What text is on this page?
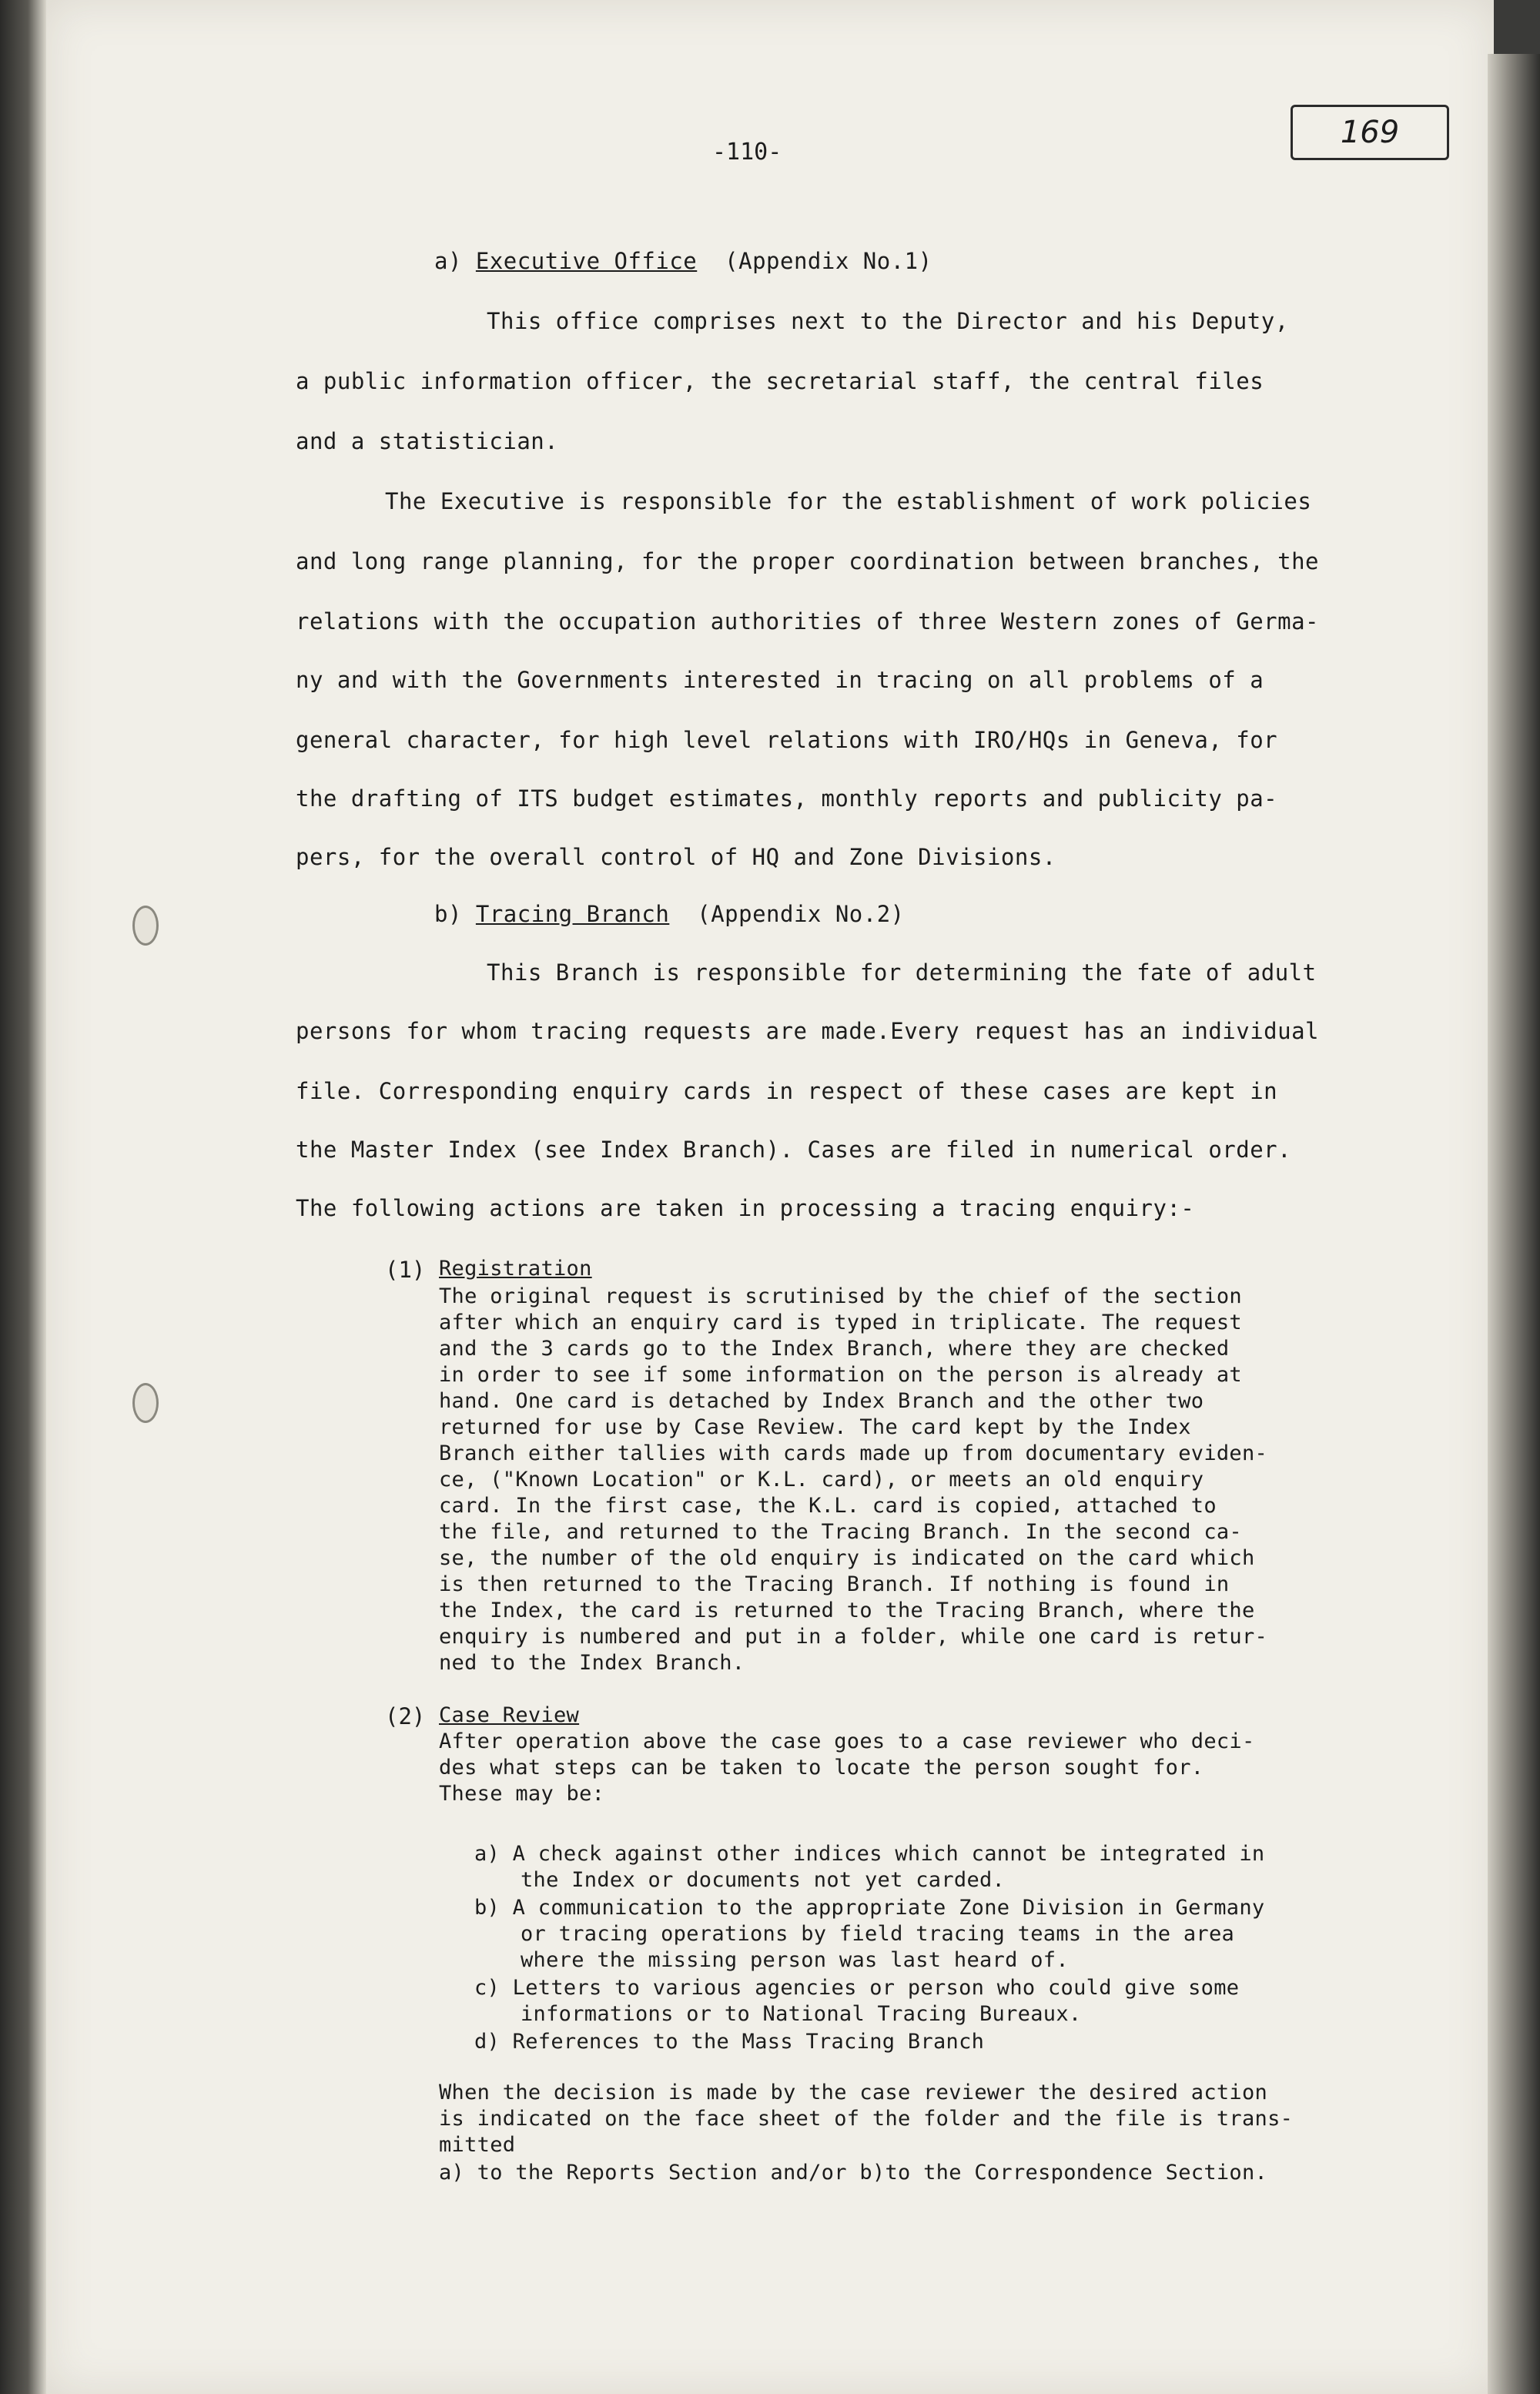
169
-110-
a) Executive Office (Appendix No.1)
This office comprises next to the Director and his Deputy,
a public information officer, the secretarial staff, the central files
and a statistician.
The Executive is responsible for the establishment of work policies
and long range planning, for the proper coordination between branches, the
relations with the occupation authorities of three Western zones of Germa-
ny and with the Governments interested in tracing on all problems of a
general character, for high level relations with IRO/HQs in Geneva, for
the drafting of ITS budget estimates, monthly reports and publicity pa-
pers, for the overall control of HQ and Zone Divisions.
b) Tracing Branch (Appendix No.2)
This Branch is responsible for determining the fate of adult
persons for whom tracing requests are made.Every request has an individual
file. Corresponding enquiry cards in respect of these cases are kept in
the Master Index (see Index Branch). Cases are filed in numerical order.
The following actions are taken in processing a tracing enquiry:-
(1) Registration
The original request is scrutinised by the chief of the section
after which an enquiry card is typed in triplicate. The request
and the 3 cards go to the Index Branch, where they are checked
in order to see if some information on the person is already at
hand. One card is detached by Index Branch and the other two
returned for use by Case Review. The card kept by the Index
Branch either tallies with cards made up from documentary eviden-
ce, ("Known Location" or K.L. card), or meets an old enquiry
card. In the first case, the K.L. card is copied, attached to
the file, and returned to the Tracing Branch. In the second ca-
se, the number of the old enquiry is indicated on the card which
is then returned to the Tracing Branch. If nothing is found in
the Index, the card is returned to the Tracing Branch, where the
enquiry is numbered and put in a folder, while one card is retur-
ned to the Index Branch.
(2) Case Review
After operation above the case goes to a case reviewer who deci-
des what steps can be taken to locate the person sought for.
These may be:
a) A check against other indices which cannot be integrated in
the Index or documents not yet carded.
b) A communication to the appropriate Zone Division in Germany
or tracing operations by field tracing teams in the area
where the missing person was last heard of.
c) Letters to various agencies or person who could give some
informations or to National Tracing Bureaux.
d) References to the Mass Tracing Branch
When the decision is made by the case reviewer the desired action
is indicated on the face sheet of the folder and the file is trans-
mitted
a) to the Reports Section and/or b)to the Correspondence Section.
